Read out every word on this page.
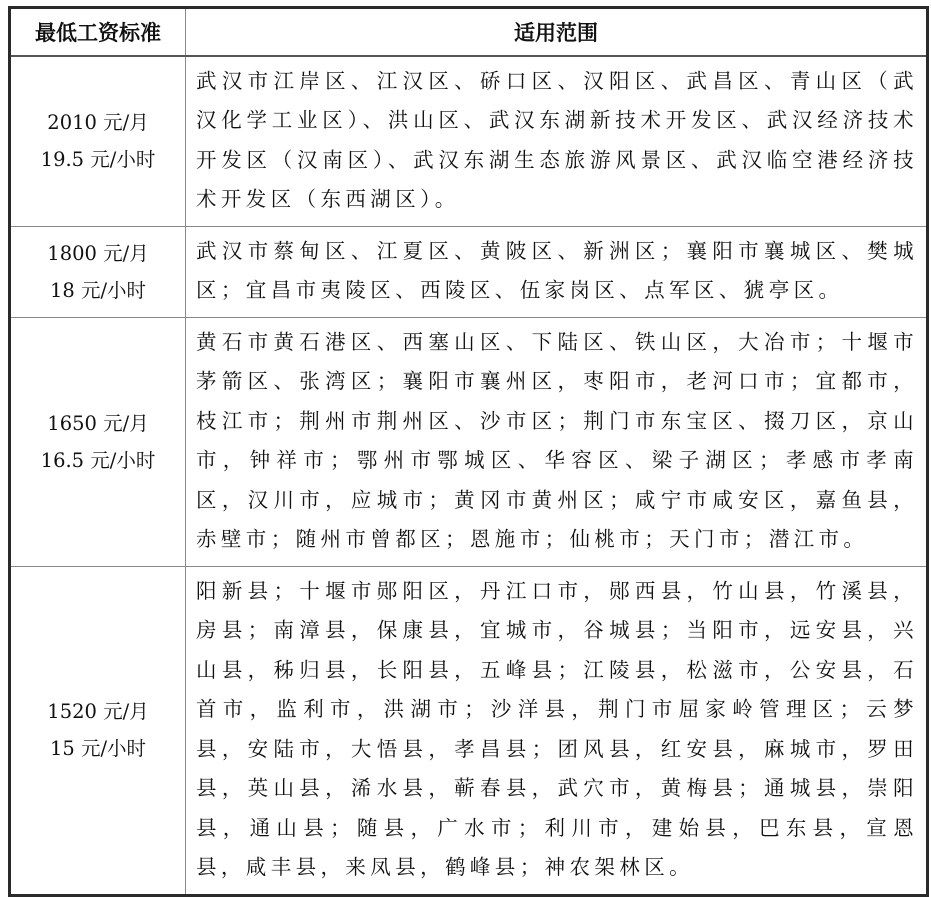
最低工资标准	适用范围

2010 元/月
19.5 元/小时	武汉市江岸区、江汉区、硚口区、汉阳区、武昌区、青山区（武汉化学工业区）、洪山区、武汉东湖新技术开发区、武汉经济技术开发区（汉南区）、武汉东湖生态旅游风景区、武汉临空港经济技术开发区（东西湖区）。

1800 元/月
18 元/小时	武汉市蔡甸区、江夏区、黄陂区、新洲区；襄阳市襄城区、樊城区；宜昌市夷陵区、西陵区、伍家岗区、点军区、猇亭区。

1650 元/月
16.5 元/小时	黄石市黄石港区、西塞山区、下陆区、铁山区，大冶市；十堰市茅箭区、张湾区；襄阳市襄州区，枣阳市，老河口市；宜都市，枝江市；荆州市荆州区、沙市区；荆门市东宝区、掇刀区，京山市，钟祥市；鄂州市鄂城区、华容区、梁子湖区；孝感市孝南区，汉川市，应城市；黄冈市黄州区；咸宁市咸安区，嘉鱼县，赤壁市；随州市曾都区；恩施市；仙桃市；天门市；潜江市。

1520 元/月
15 元/小时	阳新县；十堰市郧阳区，丹江口市，郧西县，竹山县，竹溪县，房县；南漳县，保康县，宜城市，谷城县；当阳市，远安县，兴山县，秭归县，长阳县，五峰县；江陵县，松滋市，公安县，石首市，监利市，洪湖市；沙洋县，荆门市屈家岭管理区；云梦县，安陆市，大悟县，孝昌县；团风县，红安县，麻城市，罗田县，英山县，浠水县，蕲春县，武穴市，黄梅县；通城县，崇阳县，通山县；随县，广水市；利川市，建始县，巴东县，宣恩县，咸丰县，来凤县，鹤峰县；神农架林区。
